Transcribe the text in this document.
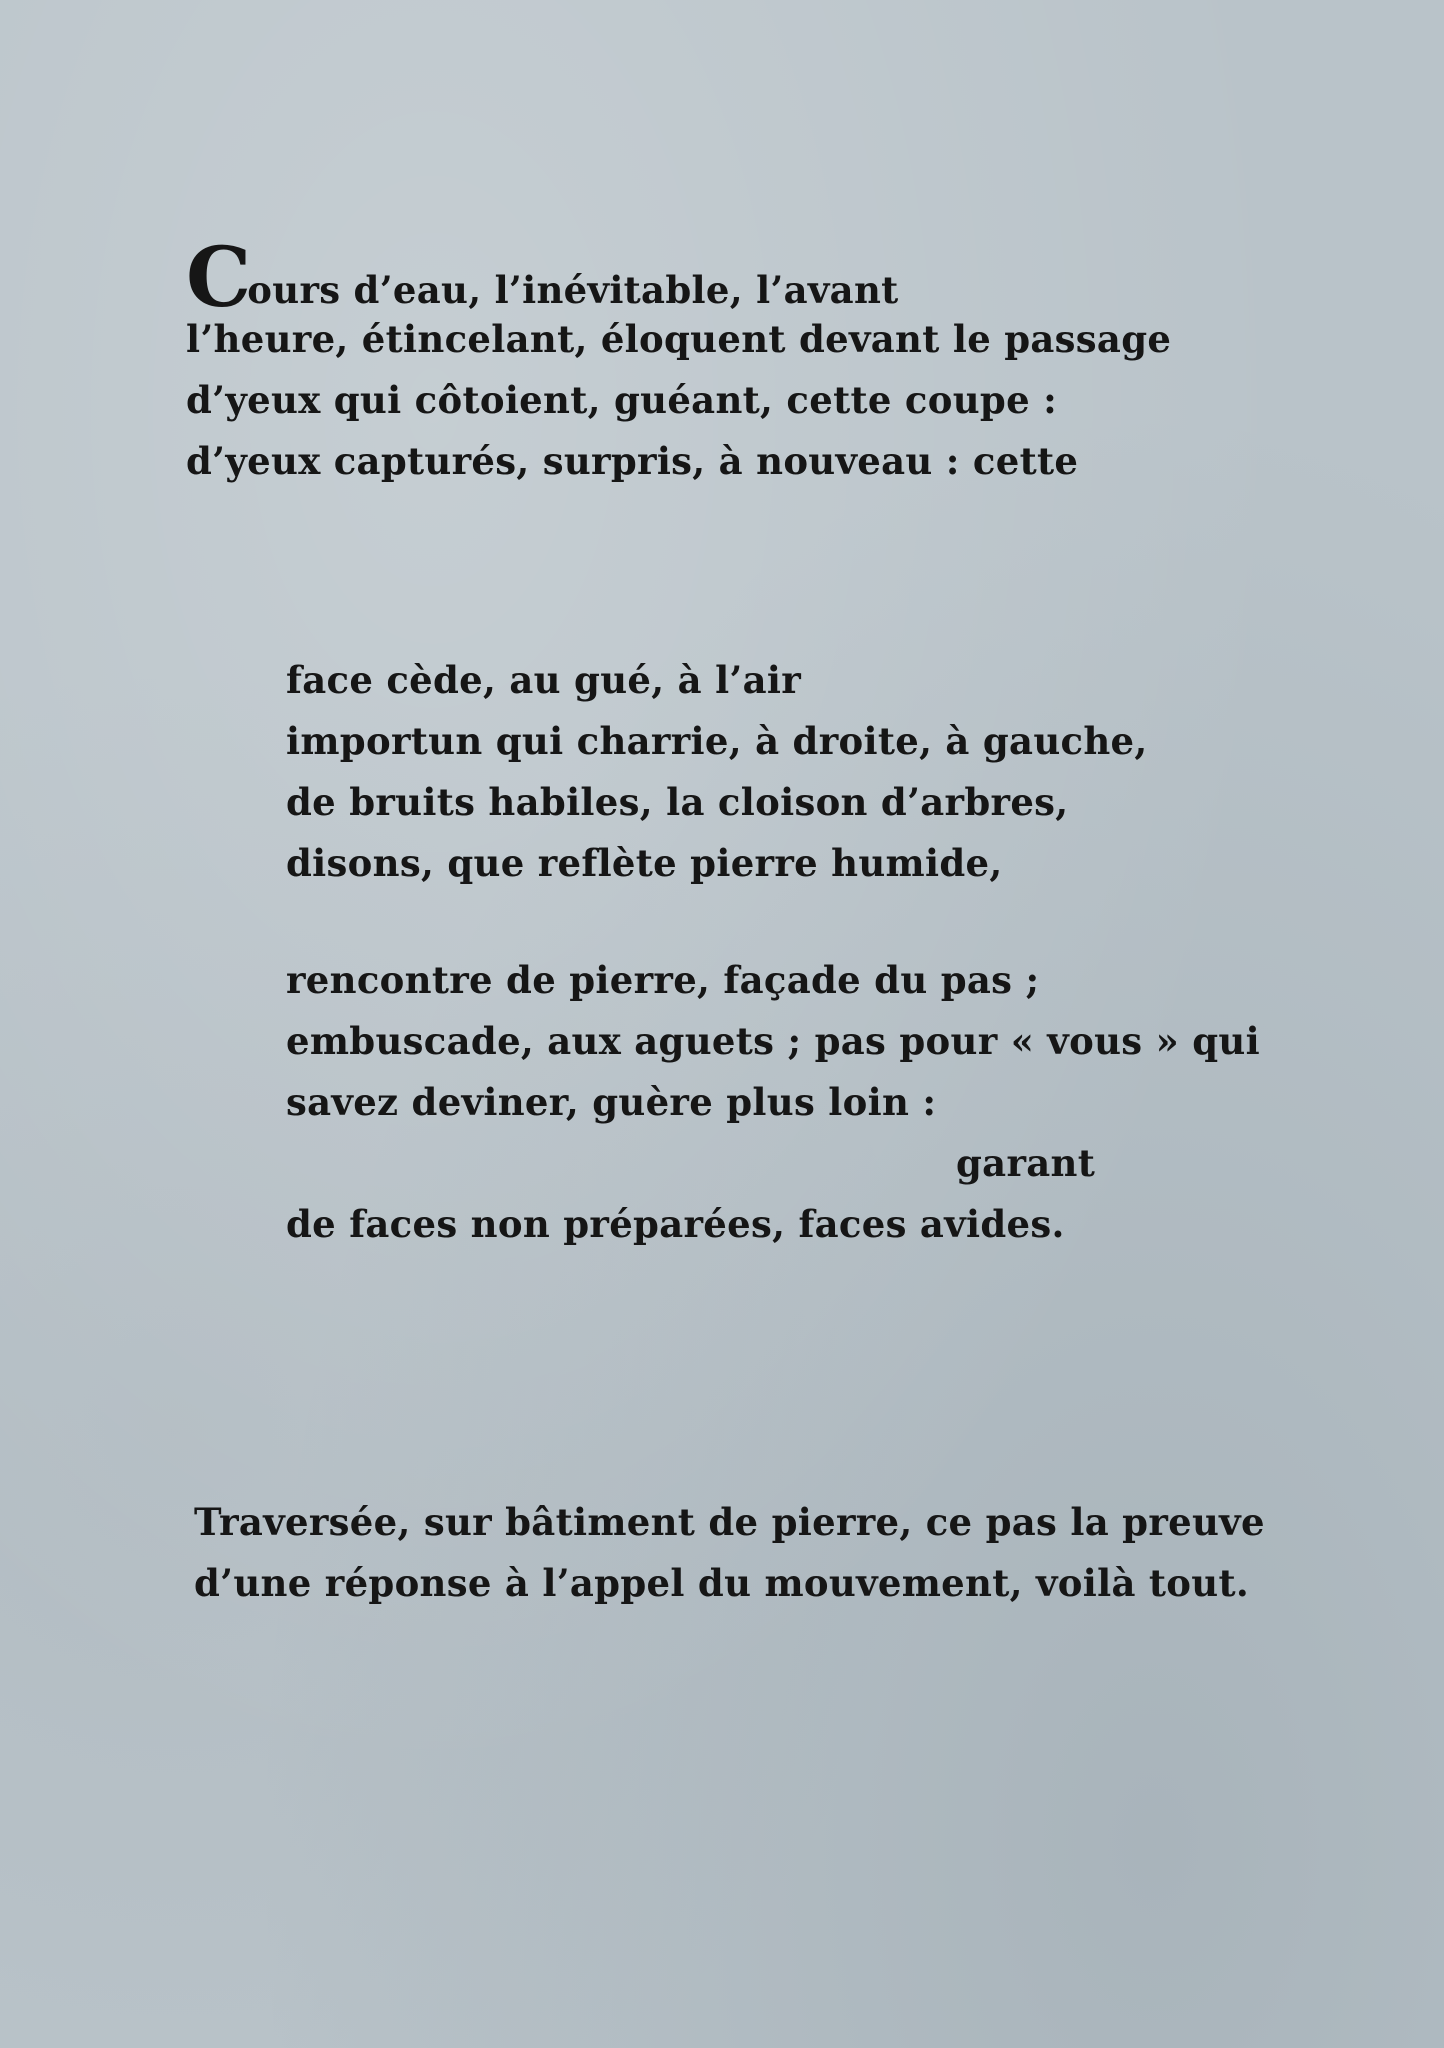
Cours d’eau, l’inévitable, l’avant
l’heure, étincelant, éloquent devant le passage
d’yeux qui côtoient, guéant, cette coupe :
d’yeux capturés, surpris, à nouveau : cette
face cède, au gué, à l’air
importun qui charrie, à droite, à gauche,
de bruits habiles, la cloison d’arbres,
disons, que reflète pierre humide,
rencontre de pierre, façade du pas ;
embuscade, aux aguets ; pas pour « vous » qui
savez deviner, guère plus loin :
garant
de faces non préparées, faces avides.
Traversée, sur bâtiment de pierre, ce pas la preuve
d’une réponse à l’appel du mouvement, voilà tout.
